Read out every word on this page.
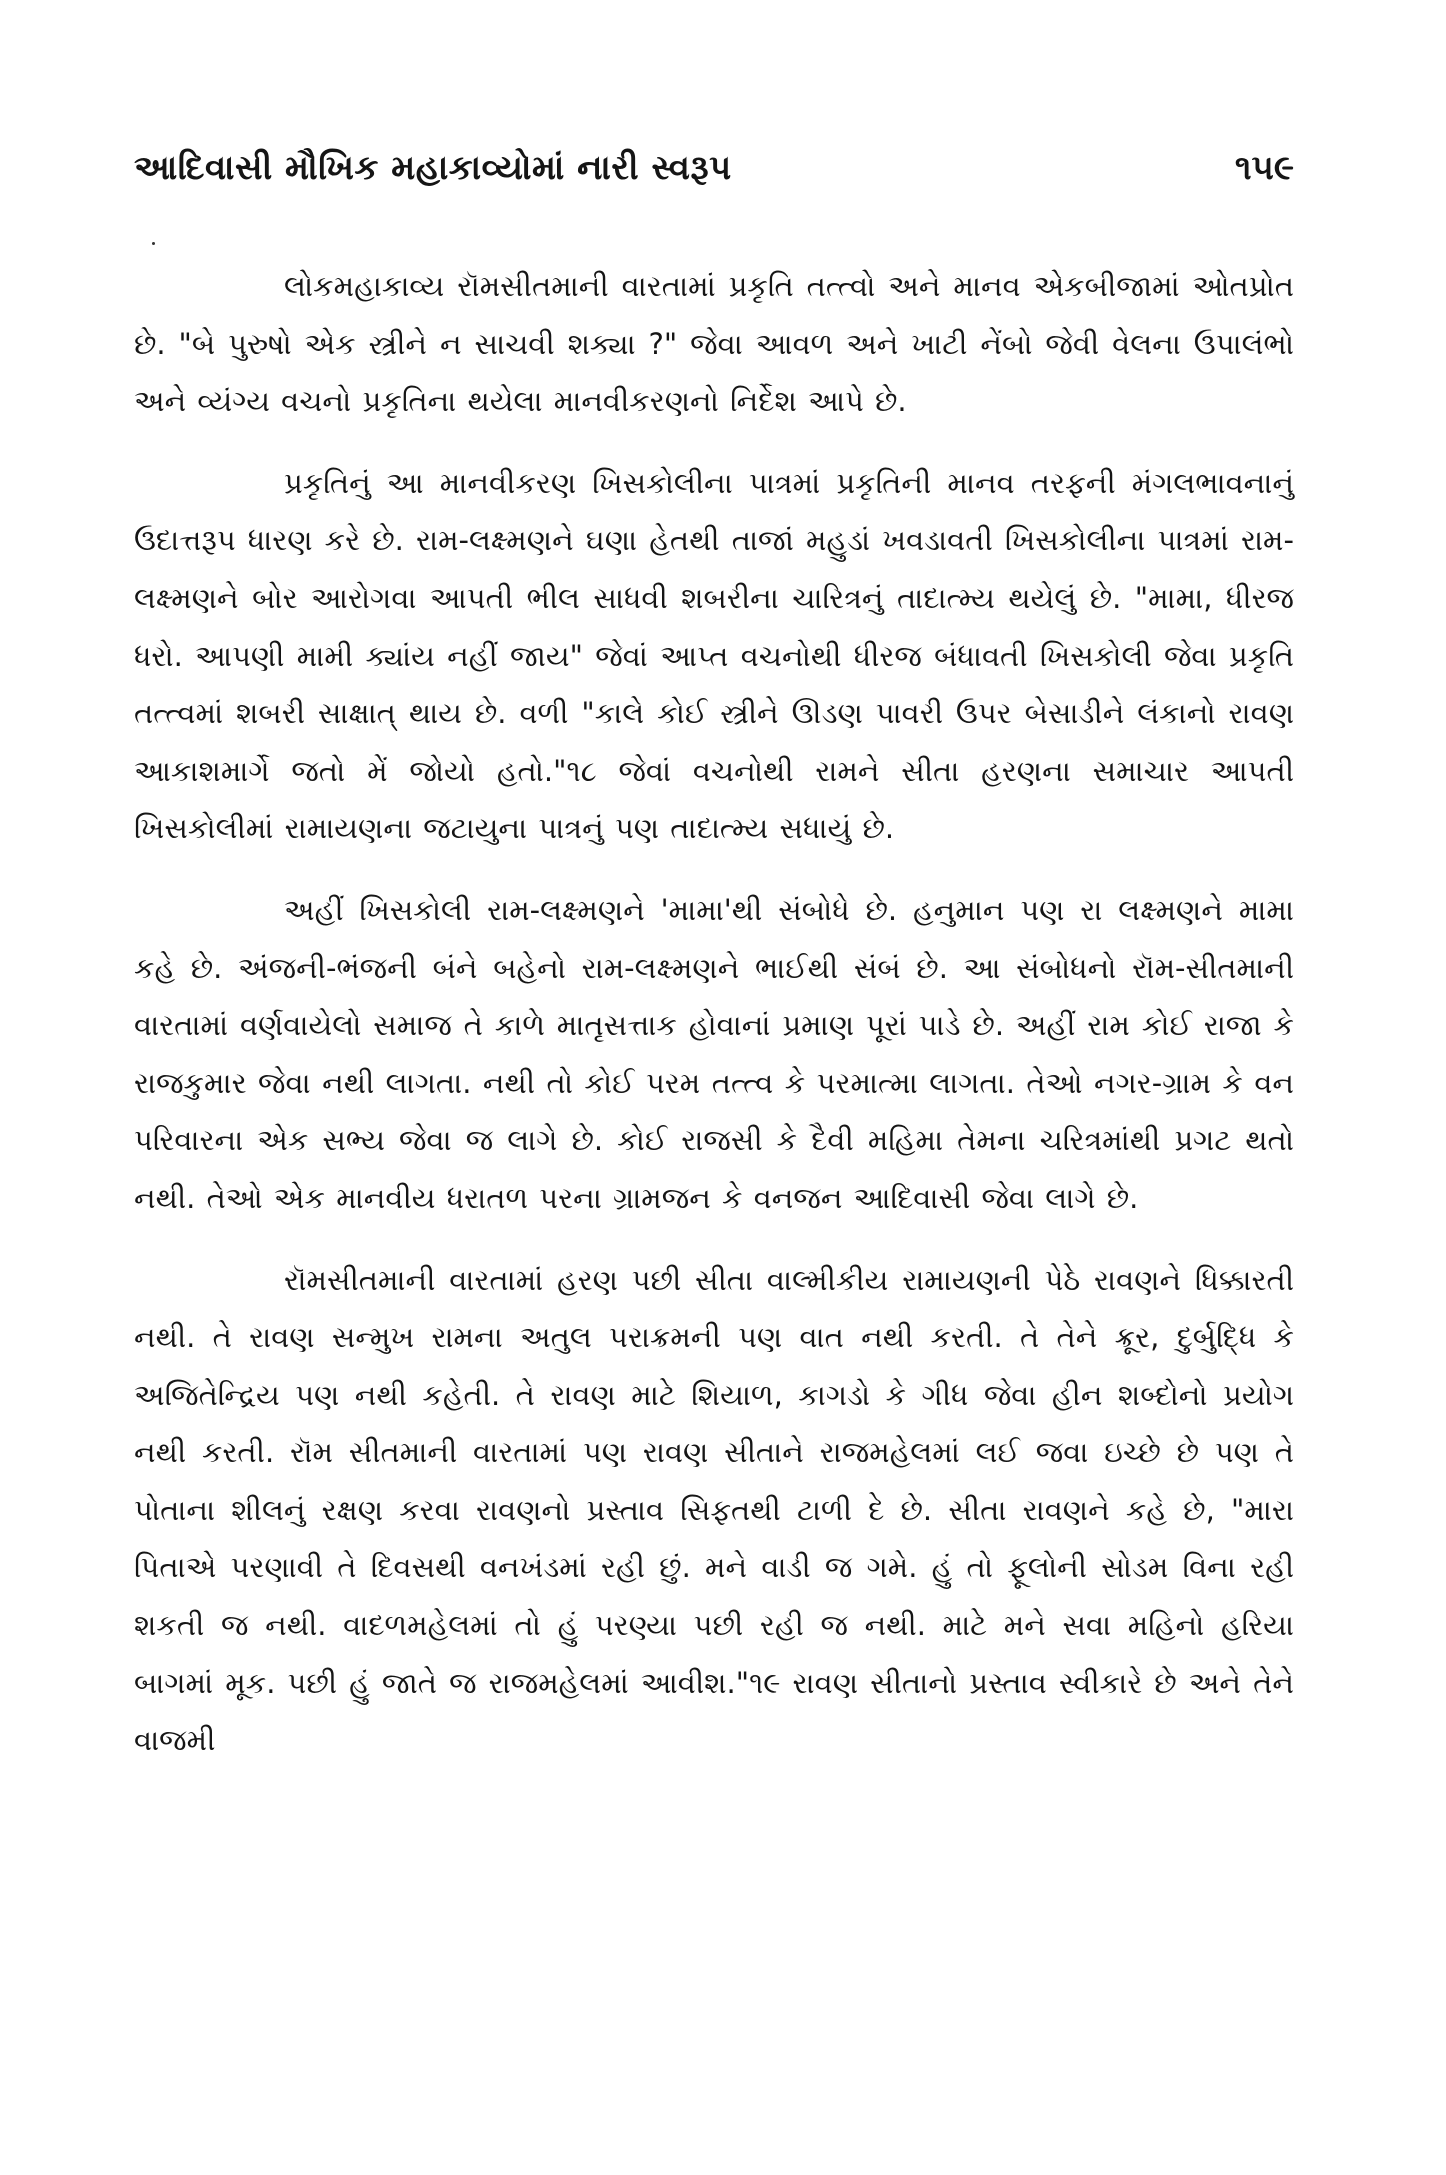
આદિવાસી મૌખિક મહાકાવ્યોમાં નારી સ્વરૂપ	૧૫૯

લોકમહાકાવ્ય રૉમસીતમાની વારતામાં પ્રકૃતિ તત્ત્વો અને માનવ એકબીજામાં ઓતપ્રોત છે. "બે પુરુષો એક સ્ત્રીને ન સાચવી શક્યા ?" જેવા આવળ અને ખાટી નેંબો જેવી વેલના ઉપાલંભો અને વ્યંગ્ય વચનો પ્રકૃતિના થયેલા માનવીકરણનો નિર્દેશ આપે છે.

પ્રકૃતિનું આ માનવીકરણ ખિસકોલીના પાત્રમાં પ્રકૃતિની માનવ તરફની મંગલભાવનાનું ઉદાત્તરૂપ ધારણ કરે છે. રામ-લક્ષ્મણને ઘણા હેતથી તાજાં મહુડાં ખવડાવતી ખિસકોલીના પાત્રમાં રામ-લક્ષ્મણને બોર આરોગવા આપતી ભીલ સાધવી શબરીના ચારિત્રનું તાદાત્મ્ય થયેલું છે. "મામા, ધીરજ ધરો. આપણી મામી ક્યાંય નહીં જાય" જેવાં આપ્ત વચનોથી ધીરજ બંધાવતી ખિસકોલી જેવા પ્રકૃતિ તત્ત્વમાં શબરી સાક્ષાત્ થાય છે. વળી "કાલે કોઈ સ્ત્રીને ઊડણ પાવરી ઉપર બેસાડીને લંકાનો રાવણ આકાશમાર્ગે જતો મેં જોયો હતો."૧૮ જેવાં વચનોથી રામને સીતા હરણના સમાચાર આપતી ખિસકોલીમાં રામાયણના જટાયુના પાત્રનું પણ તાદાત્મ્ય સધાયું છે.

અહીં ખિસકોલી રામ-લક્ષ્મણને 'મામા'થી સંબોધે છે. હનુમાન પણ રા લક્ષ્મણને મામા કહે છે. અંજની-ભંજની બંને બહેનો રામ-લક્ષ્મણને ભાઈથી સંબં છે. આ સંબોધનો રૉમ-સીતમાની વારતામાં વર્ણવાયેલો સમાજ તે કાળે માતૃસત્તાક હોવાનાં પ્રમાણ પૂરાં પાડે છે. અહીં રામ કોઈ રાજા કે રાજકુમાર જેવા નથી લાગતા. નથી તો કોઈ પરમ તત્ત્વ કે પરમાત્મા લાગતા. તેઓ નગર-ગ્રામ કે વન પરિવારના એક સભ્ય જેવા જ લાગે છે. કોઈ રાજસી કે દૈવી મહિમા તેમના ચરિત્રમાંથી પ્રગટ થતો નથી. તેઓ એક માનવીય ધરાતળ પરના ગ્રામજન કે વનજન આદિવાસી જેવા લાગે છે.

રૉમસીતમાની વારતામાં હરણ પછી સીતા વાલ્મીકીય રામાયણની પેઠે રાવણને ધિક્કારતી નથી. તે રાવણ સન્મુખ રામના અતુલ પરાક્રમની પણ વાત નથી કરતી. તે તેને ક્રૂર, દુર્બુદ્ધિ કે અજિતેન્દ્રિય પણ નથી કહેતી. તે રાવણ માટે શિયાળ, કાગડો કે ગીધ જેવા હીન શબ્દોનો પ્રયોગ નથી કરતી. રૉમ સીતમાની વારતામાં પણ રાવણ સીતાને રાજમહેલમાં લઈ જવા ઇચ્છે છે પણ તે પોતાના શીલનું રક્ષણ કરવા રાવણનો પ્રસ્તાવ સિફતથી ટાળી દે છે. સીતા રાવણને કહે છે, "મારા પિતાએ પરણાવી તે દિવસથી વનખંડમાં રહી છું. મને વાડી જ ગમે. હું તો ફૂલોની સોડમ વિના રહી શકતી જ નથી. વાદળમહેલમાં તો હું પરણ્યા પછી રહી જ નથી. માટે મને સવા મહિનો હરિયા બાગમાં મૂક. પછી હું જાતે જ રાજમહેલમાં આવીશ."૧૯ રાવણ સીતાનો પ્રસ્તાવ સ્વીકારે છે અને તેને વાજમી
